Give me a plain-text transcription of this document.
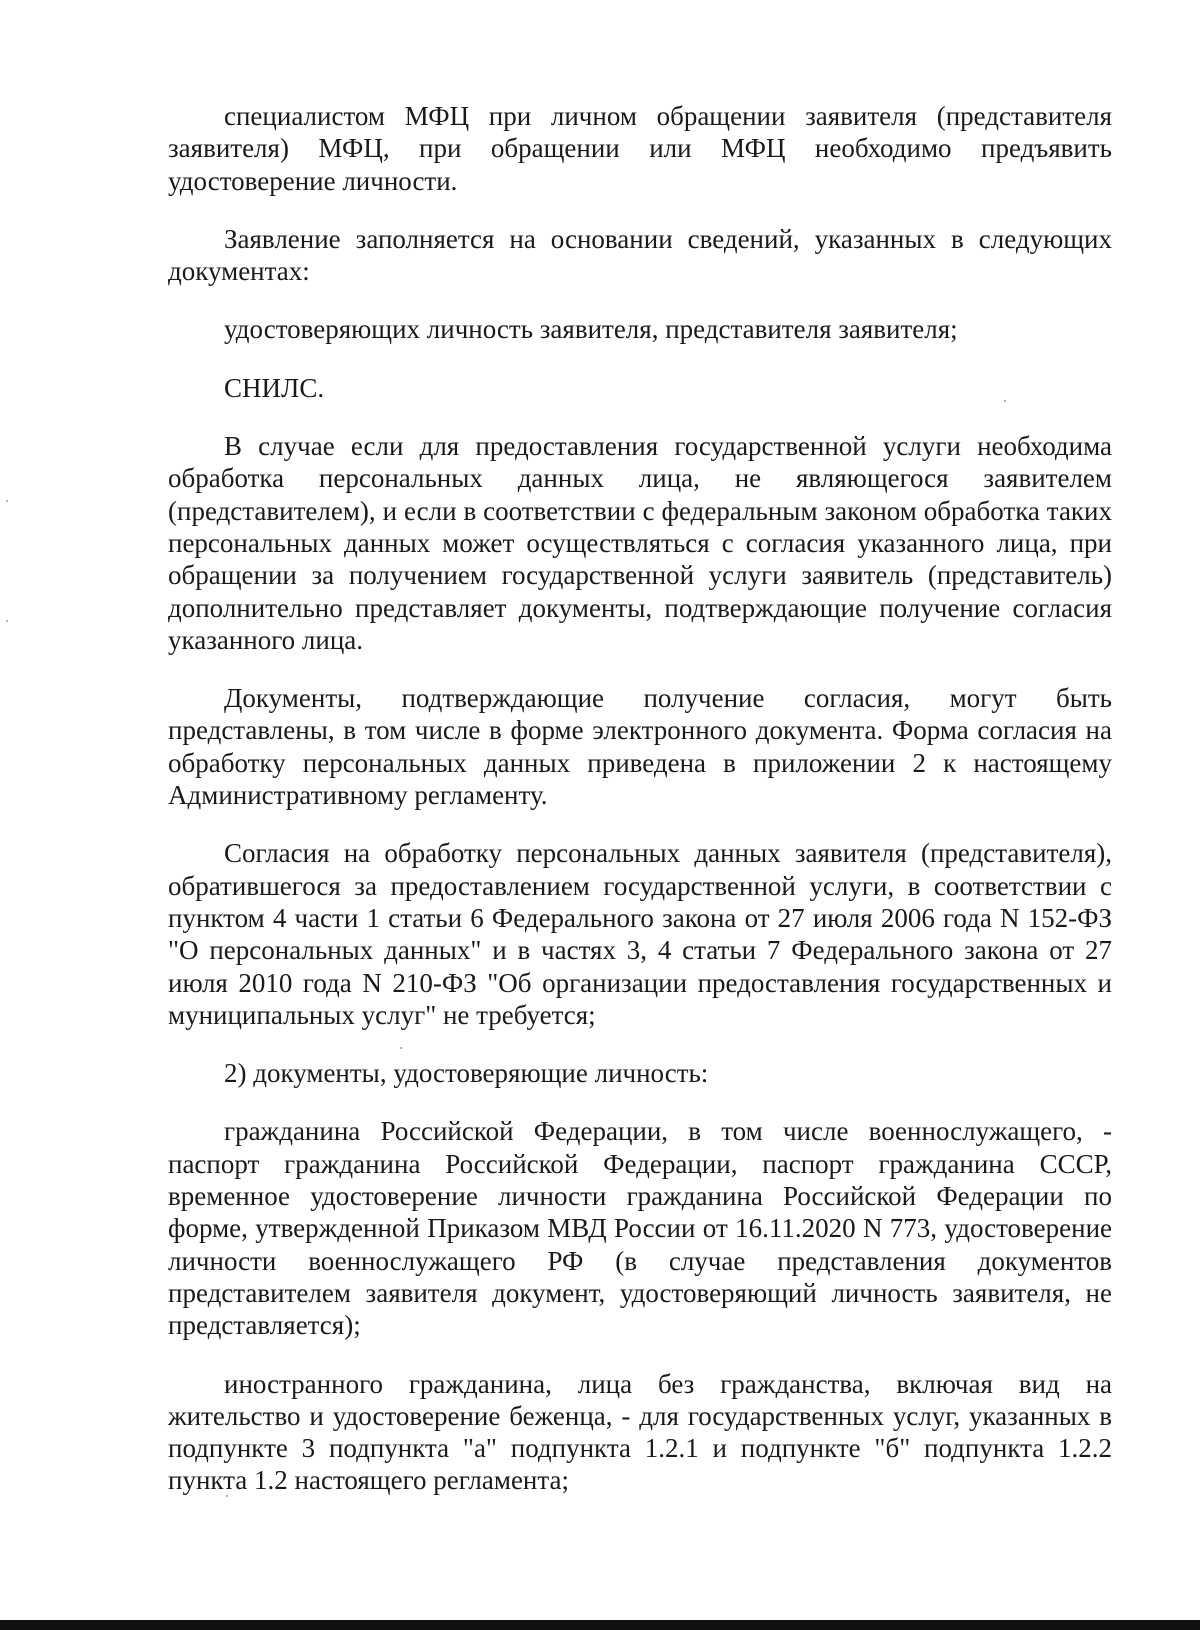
специалистом МФЦ при личном обращении заявителя (представителя заявителя) МФЦ, при обращении или МФЦ необходимо предъявить удостоверение личности.

Заявление заполняется на основании сведений, указанных в следующих документах:

удостоверяющих личность заявителя, представителя заявителя;

СНИЛС.

В случае если для предоставления государственной услуги необходима обработка персональных данных лица, не являющегося заявителем (представителем), и если в соответствии с федеральным законом обработка таких персональных данных может осуществляться с согласия указанного лица, при обращении за получением государственной услуги заявитель (представитель) дополнительно представляет документы, подтверждающие получение согласия указанного лица.

Документы, подтверждающие получение согласия, могут быть представлены, в том числе в форме электронного документа. Форма согласия на обработку персональных данных приведена в приложении 2 к настоящему Административному регламенту.

Согласия на обработку персональных данных заявителя (представителя), обратившегося за предоставлением государственной услуги, в соответствии с пунктом 4 части 1 статьи 6 Федерального закона от 27 июля 2006 года N 152-ФЗ "О персональных данных" и в частях 3, 4 статьи 7 Федерального закона от 27 июля 2010 года N 210-ФЗ "Об организации предоставления государственных и муниципальных услуг" не требуется;

2) документы, удостоверяющие личность:

гражданина Российской Федерации, в том числе военнослужащего, - паспорт гражданина Российской Федерации, паспорт гражданина СССР, временное удостоверение личности гражданина Российской Федерации по форме, утвержденной Приказом МВД России от 16.11.2020 N 773, удостоверение личности военнослужащего РФ (в случае представления документов представителем заявителя документ, удостоверяющий личность заявителя, не представляется);

иностранного гражданина, лица без гражданства, включая вид на жительство и удостоверение беженца, - для государственных услуг, указанных в подпункте 3 подпункта "а" подпункта 1.2.1 и подпункте "б" подпункта 1.2.2 пункта 1.2 настоящего регламента;
